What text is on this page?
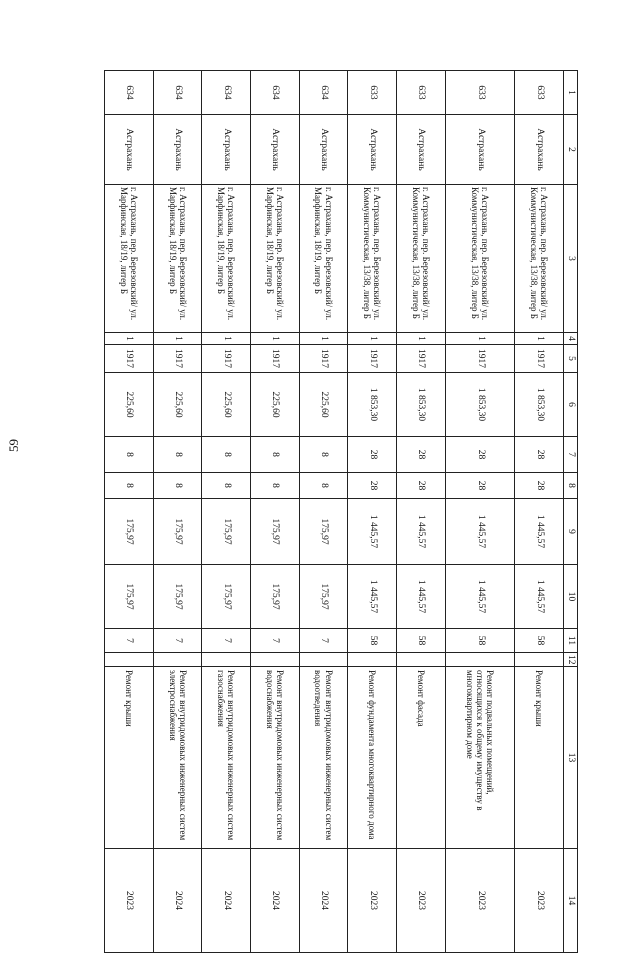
59
1	2	3	4	5	6	7	8	9	10	11	12	13	14
633	Астрахань	г. Астрахань, пер. Березовский/ ул. Коммунистическая, 13/38, литер Б	1	1917	1 853,30	28	28	1 445,57	1 445,57	58		Ремонт крыши	2023
633	Астрахань	г. Астрахань, пер. Березовский/ ул. Коммунистическая, 13/38, литер Б	1	1917	1 853,30	28	28	1 445,57	1 445,57	58		Ремонт подвальных помещений, относящихся к общему имуществу в многоквартирном доме	2023
633	Астрахань	г. Астрахань, пер. Березовский/ ул. Коммунистическая, 13/38, литер Б	1	1917	1 853,30	28	28	1 445,57	1 445,57	58		Ремонт фасада	2023
633	Астрахань	г. Астрахань, пер. Березовский/ ул. Коммунистическая, 13/38, литер Б	1	1917	1 853,30	28	28	1 445,57	1 445,57	58		Ремонт фундамента многоквартирного дома	2023
634	Астрахань	г. Астрахань, пер. Березовский/ ул. Марфинская, 18/19, литер Б	1	1917	225,60	8	8	175,97	175,97	7		Ремонт внутридомовых инженерных систем водоотведения	2024
634	Астрахань	г. Астрахань, пер. Березовский/ ул. Марфинская, 18/19, литер Б	1	1917	225,60	8	8	175,97	175,97	7		Ремонт внутридомовых инженерных систем водоснабжения	2024
634	Астрахань	г. Астрахань, пер. Березовский/ ул. Марфинская, 18/19, литер Б	1	1917	225,60	8	8	175,97	175,97	7		Ремонт внутридомовых инженерных систем газоснабжения	2024
634	Астрахань	г. Астрахань, пер. Березовский/ ул. Марфинская, 18/19, литер Б	1	1917	225,60	8	8	175,97	175,97	7		Ремонт внутридомовых инженерных систем электроснабжения	2024
634	Астрахань	г. Астрахань, пер. Березовский/ ул. Марфинская, 18/19, литер Б	1	1917	225,60	8	8	175,97	175,97	7		Ремонт крыши	2023
